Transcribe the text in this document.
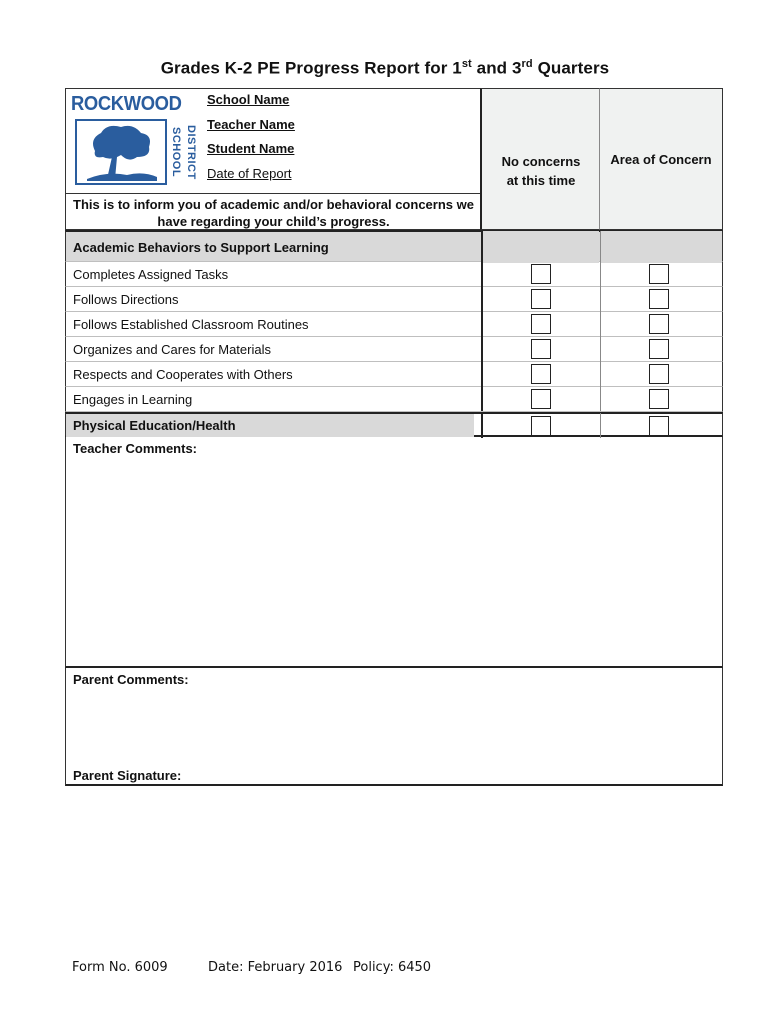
Grades K-2 PE Progress Report for 1st and 3rd Quarters
ROCKWOOD
SCHOOL DISTRICT
School Name
Teacher Name
Student Name
Date of Report
This is to inform you of academic and/or behavioral concerns we have regarding your child’s progress.
No concerns at this time
Area of Concern
Academic Behaviors to Support Learning
Completes Assigned Tasks
Follows Directions
Follows Established Classroom Routines
Organizes and Cares for Materials
Respects and Cooperates with Others
Engages in Learning
Physical Education/Health
Teacher Comments:
Parent Comments:
Parent Signature:
Form No. 6009	Date: February 2016 Policy: 6450
